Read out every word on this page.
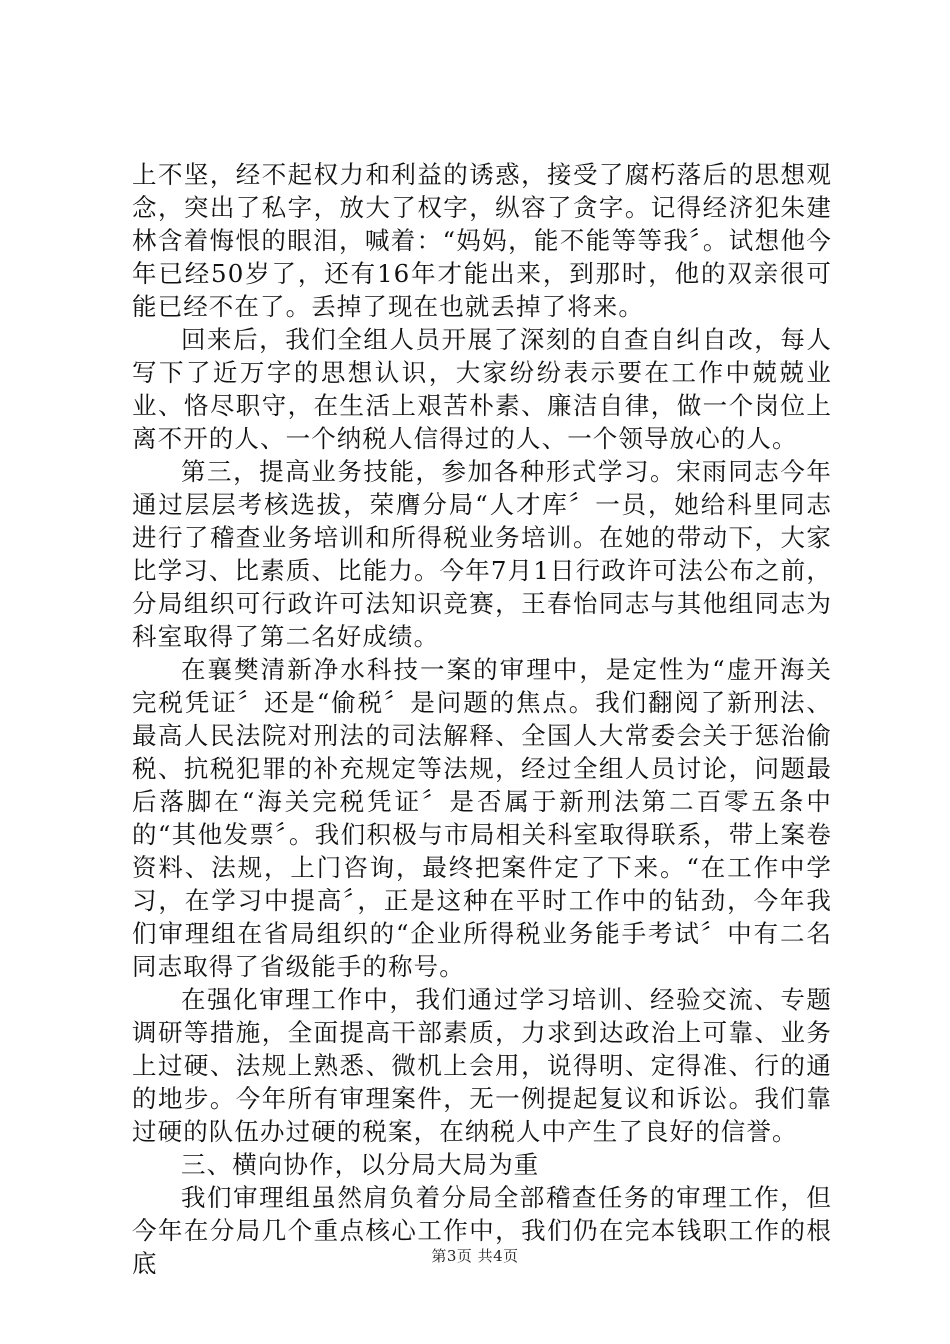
上不坚，经不起权力和利益的诱惑，接受了腐朽落后的思想观念，突出了私字，放大了权字，纵容了贪字。记得经济犯朱建林含着悔恨的眼泪，喊着：“妈妈，能不能等等我〞。试想他今年已经50岁了，还有16年才能出来，到那时，他的双亲很可能已经不在了。丢掉了现在也就丢掉了将来。

回来后，我们全组人员开展了深刻的自查自纠自改，每人写下了近万字的思想认识，大家纷纷表示要在工作中兢兢业业、恪尽职守，在生活上艰苦朴素、廉洁自律，做一个岗位上离不开的人、一个纳税人信得过的人、一个领导放心的人。

第三，提高业务技能，参加各种形式学习。宋雨同志今年通过层层考核选拔，荣膺分局“人才库〞一员，她给科里同志进行了稽查业务培训和所得税业务培训。在她的带动下，大家比学习、比素质、比能力。今年7月1日行政许可法公布之前，分局组织可行政许可法知识竞赛，王春怡同志与其他组同志为科室取得了第二名好成绩。

在襄樊清新净水科技一案的审理中，是定性为“虚开海关完税凭证〞还是“偷税〞是问题的焦点。我们翻阅了新刑法、最高人民法院对刑法的司法解释、全国人大常委会关于惩治偷税、抗税犯罪的补充规定等法规，经过全组人员讨论，问题最后落脚在“海关完税凭证〞是否属于新刑法第二百零五条中的“其他发票〞。我们积极与市局相关科室取得联系，带上案卷资料、法规，上门咨询，最终把案件定了下来。“在工作中学习，在学习中提高〞，正是这种在平时工作中的钻劲，今年我们审理组在省局组织的“企业所得税业务能手考试〞中有二名同志取得了省级能手的称号。

在强化审理工作中，我们通过学习培训、经验交流、专题调研等措施，全面提高干部素质，力求到达政治上可靠、业务上过硬、法规上熟悉、微机上会用，说得明、定得准、行的通的地步。今年所有审理案件，无一例提起复议和诉讼。我们靠过硬的队伍办过硬的税案，在纳税人中产生了良好的信誉。

三、横向协作，以分局大局为重

我们审理组虽然肩负着分局全部稽查任务的审理工作，但今年在分局几个重点核心工作中，我们仍在完本钱职工作的根底	第3页 共4页
